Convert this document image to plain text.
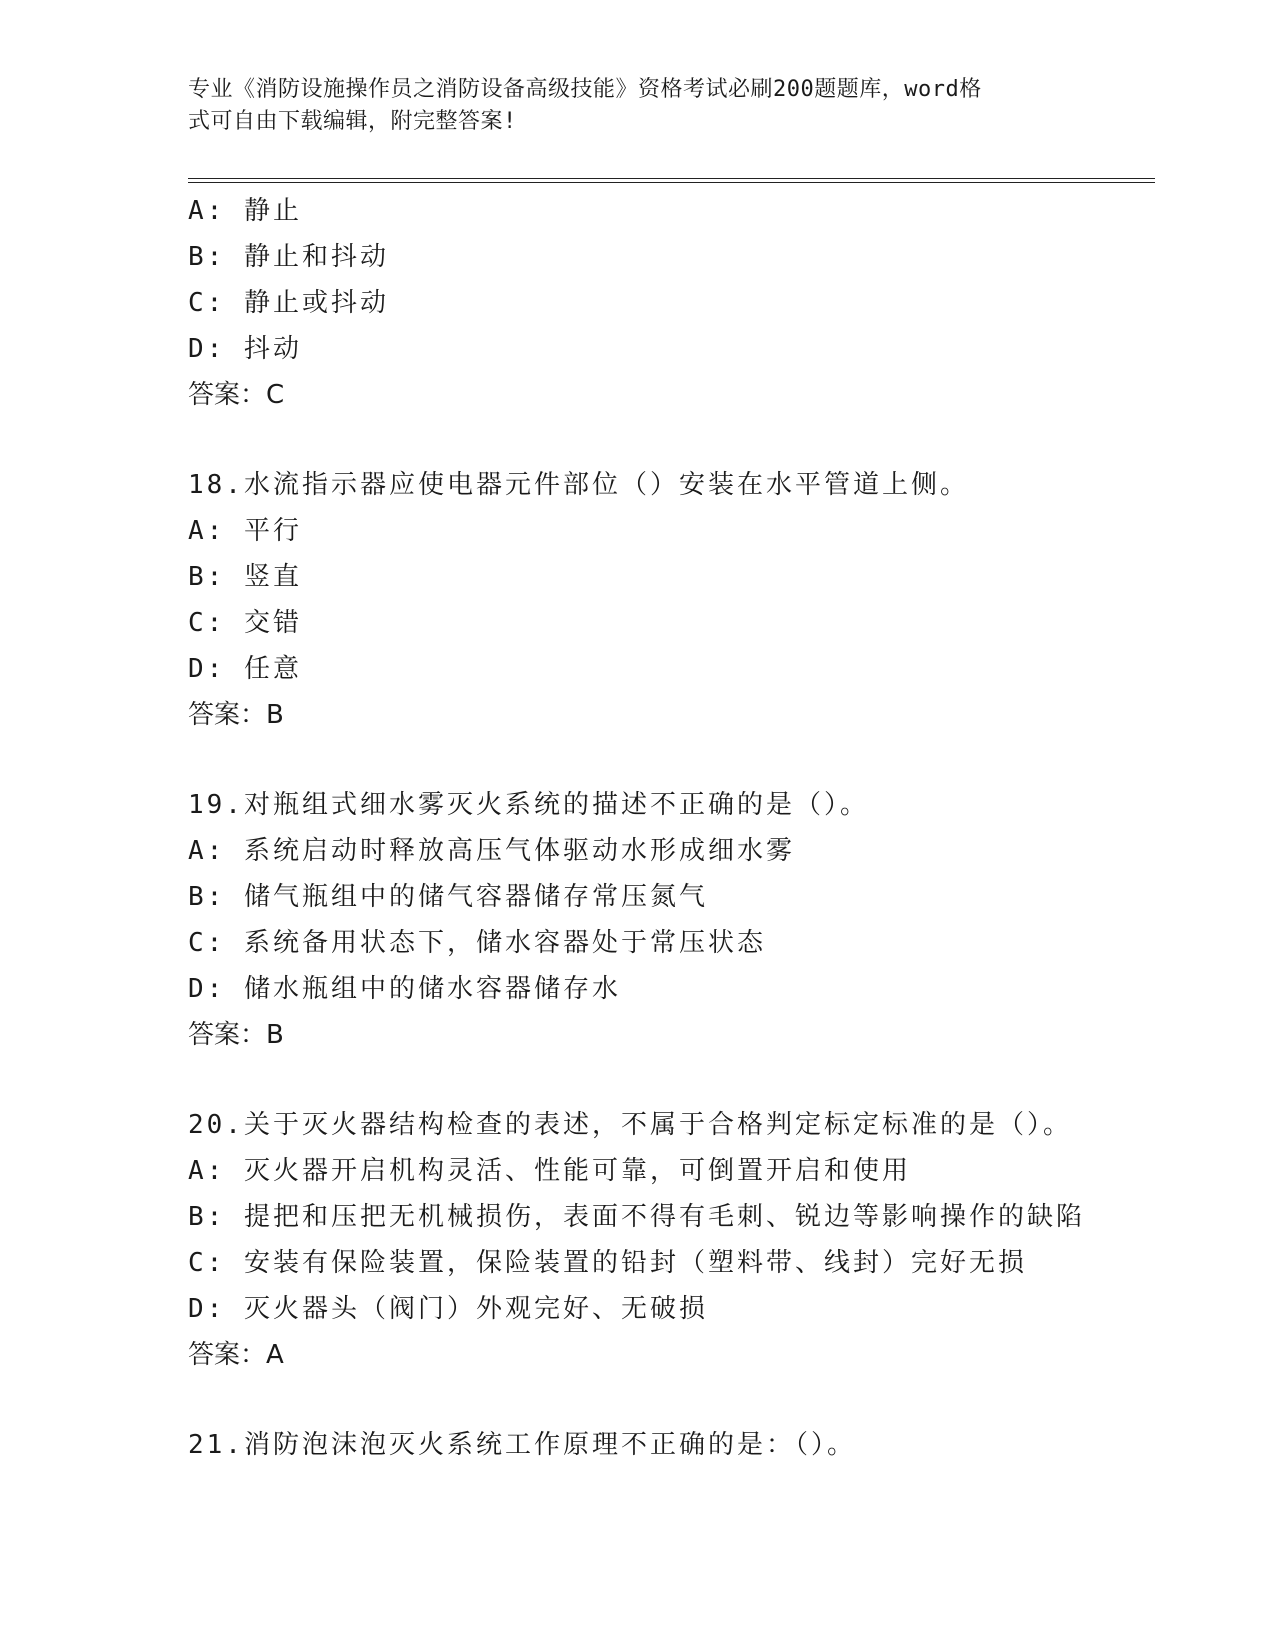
专业《消防设施操作员之消防设备高级技能》资格考试必刷200题题库，word格
式可自由下载编辑，附完整答案!
A: 静止
B: 静止和抖动
C: 静止或抖动
D: 抖动
答案：C
18.水流指示器应使电器元件部位（）安装在水平管道上侧。
A: 平行
B: 竖直
C: 交错
D: 任意
答案：B
19.对瓶组式细水雾灭火系统的描述不正确的是（）。
A: 系统启动时释放高压气体驱动水形成细水雾
B: 储气瓶组中的储气容器储存常压氮气
C: 系统备用状态下，储水容器处于常压状态
D: 储水瓶组中的储水容器储存水
答案：B
20.关于灭火器结构检查的表述，不属于合格判定标定标准的是（）。
A: 灭火器开启机构灵活、性能可靠，可倒置开启和使用
B: 提把和压把无机械损伤，表面不得有毛刺、锐边等影响操作的缺陷
C: 安装有保险装置，保险装置的铅封（塑料带、线封）完好无损
D: 灭火器头（阀门）外观完好、无破损
答案：A
21.消防泡沫泡灭火系统工作原理不正确的是：（）。
